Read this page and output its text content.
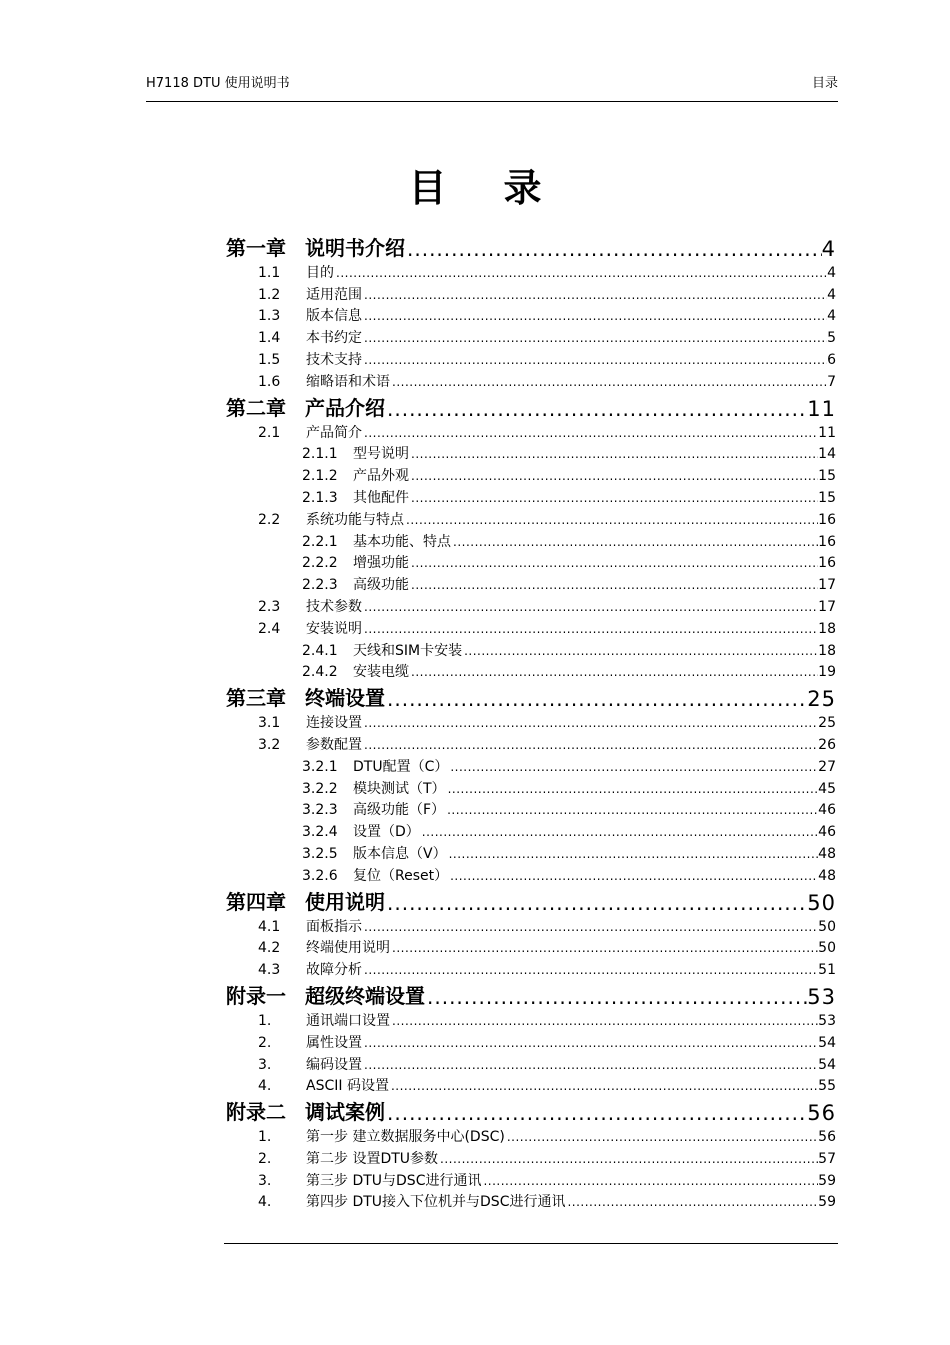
H7118 DTU 使用说明书	目录
目录
第一章 说明书介绍 .....	4
1.1	目的 .....	4
1.2	适用范围 .....	4
1.3	版本信息 .....	4
1.4	本书约定 .....	5
1.5	技术支持 .....	6
1.6	缩略语和术语 .....	7
第二章 产品介绍 .....	11
2.1	产品简介 .....	11
2.1.1	型号说明 .....	14
2.1.2	产品外观 .....	15
2.1.3	其他配件 .....	15
2.2	系统功能与特点 .....	16
2.2.1	基本功能、特点 .....	16
2.2.2	增强功能 .....	16
2.2.3	高级功能 .....	17
2.3	技术参数 .....	17
2.4	安装说明 .....	18
2.4.1	天线和SIM卡安装 .....	18
2.4.2	安装电缆 .....	19
第三章 终端设置 .....	25
3.1	连接设置 .....	25
3.2	参数配置 .....	26
3.2.1	DTU配置（C） .....	27
3.2.2	模块测试（T） .....	45
3.2.3	高级功能（F） .....	46
3.2.4	设置（D） .....	46
3.2.5	版本信息（V） .....	48
3.2.6	复位（Reset） .....	48
第四章 使用说明 .....	50
4.1	面板指示 .....	50
4.2	终端使用说明 .....	50
4.3	故障分析 .....	51
附录一 超级终端设置 .....	53
1.	通讯端口设置 .....	53
2.	属性设置 .....	54
3.	编码设置 .....	54
4.	ASCII 码设置 .....	55
附录二 调试案例 .....	56
1.	第一步 建立数据服务中心(DSC) .....	56
2.	第二步 设置DTU参数 .....	57
3.	第三步 DTU与DSC进行通讯 .....	59
4.	第四步 DTU接入下位机并与DSC进行通讯 .....	59
